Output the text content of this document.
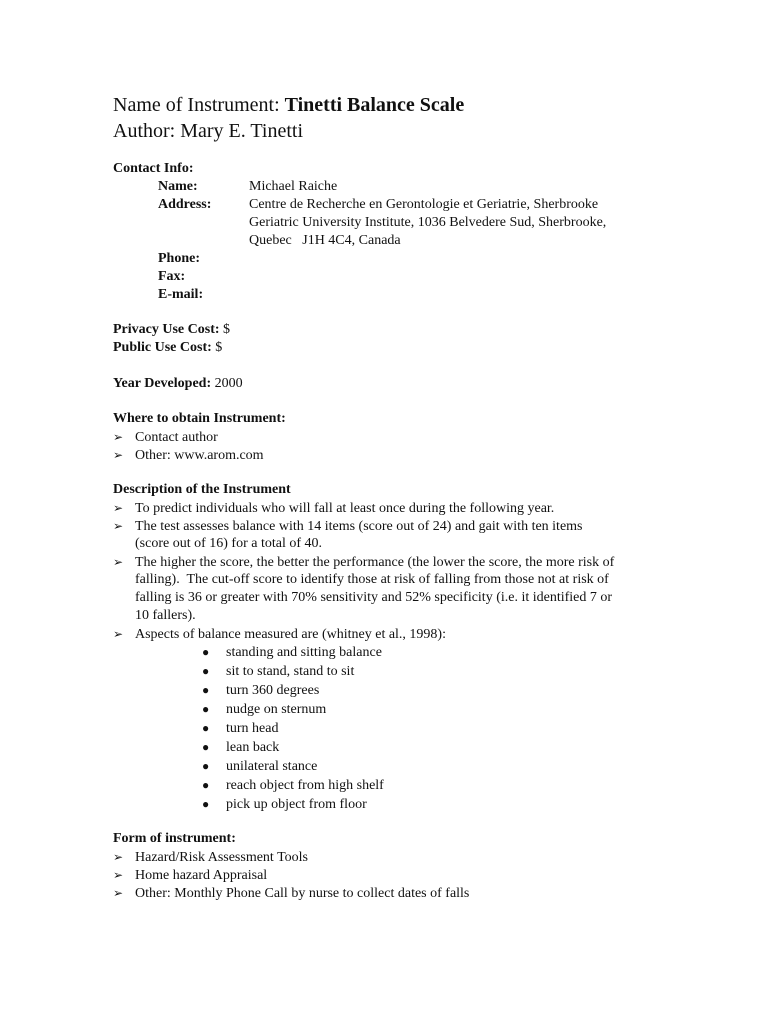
Name of Instrument: Tinetti Balance Scale
Author: Mary E. Tinetti
Contact Info:
Name:	Michael Raiche
Address:	Centre de Recherche en Gerontologie et Geriatrie, Sherbrooke
Geriatric University Institute, 1036 Belvedere Sud, Sherbrooke,
Quebec   J1H 4C4, Canada
Phone:
Fax:
E-mail:
Privacy Use Cost: $
Public Use Cost: $
Year Developed: 2000
Where to obtain Instrument:
➢ Contact author
➢ Other: www.arom.com
Description of the Instrument
➢ To predict individuals who will fall at least once during the following year.
➢ The test assesses balance with 14 items (score out of 24) and gait with ten items
(score out of 16) for a total of 40.
➢ The higher the score, the better the performance (the lower the score, the more risk of
falling).  The cut-off score to identify those at risk of falling from those not at risk of
falling is 36 or greater with 70% sensitivity and 52% specificity (i.e. it identified 7 or
10 fallers).
➢ Aspects of balance measured are (whitney et al., 1998):
● standing and sitting balance
● sit to stand, stand to sit
● turn 360 degrees
● nudge on sternum
● turn head
● lean back
● unilateral stance
● reach object from high shelf
● pick up object from floor
Form of instrument:
➢ Hazard/Risk Assessment Tools
➢ Home hazard Appraisal
➢ Other: Monthly Phone Call by nurse to collect dates of falls
